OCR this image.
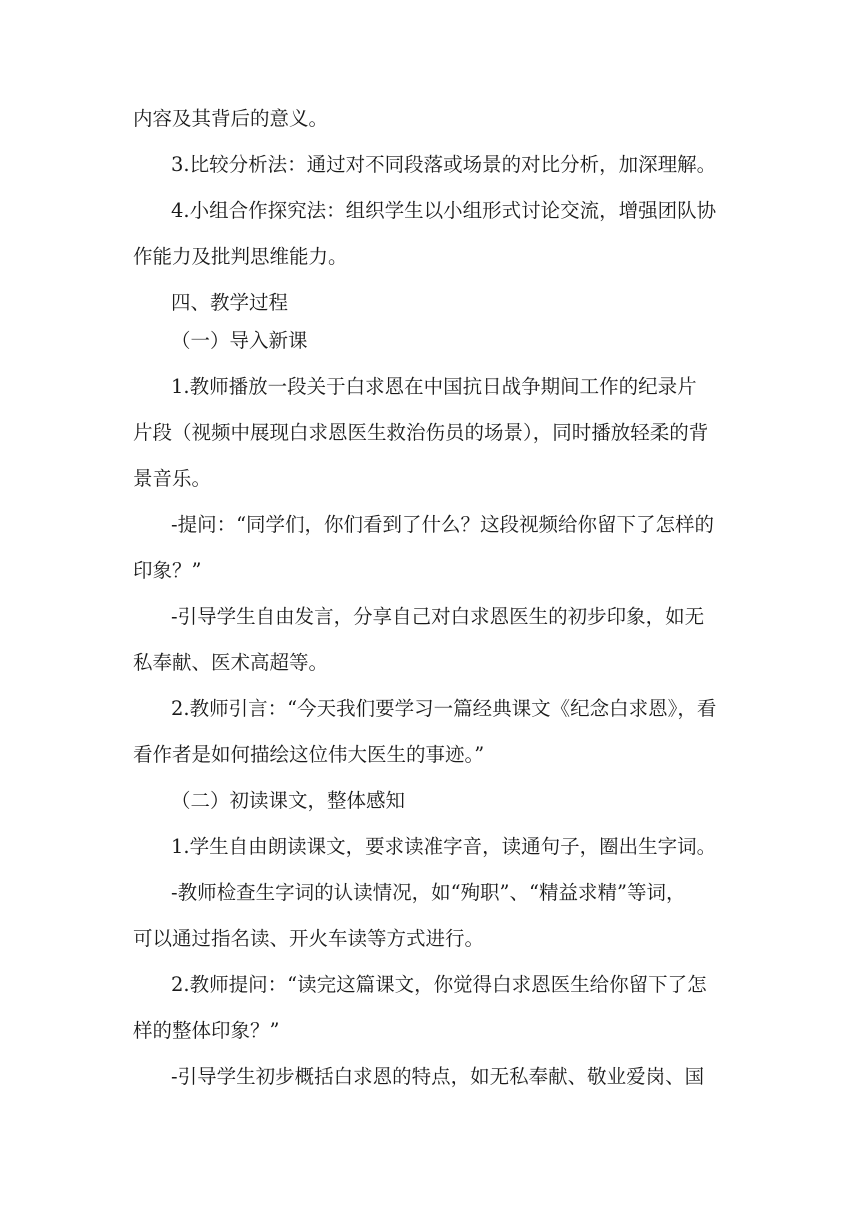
内容及其背后的意义。
3.比较分析法：通过对不同段落或场景的对比分析，加深理解。
4.小组合作探究法：组织学生以小组形式讨论交流，增强团队协
作能力及批判思维能力。
四、教学过程
（一）导入新课
1.教师播放一段关于白求恩在中国抗日战争期间工作的纪录片
片段（视频中展现白求恩医生救治伤员的场景），同时播放轻柔的背
景音乐。
-提问：“同学们，你们看到了什么？这段视频给你留下了怎样的
印象？”
-引导学生自由发言，分享自己对白求恩医生的初步印象，如无
私奉献、医术高超等。
2.教师引言：“今天我们要学习一篇经典课文《纪念白求恩》，看
看作者是如何描绘这位伟大医生的事迹。”
（二）初读课文，整体感知
1.学生自由朗读课文，要求读准字音，读通句子，圈出生字词。
-教师检查生字词的认读情况，如“殉职”、“精益求精”等词，
可以通过指名读、开火车读等方式进行。
2.教师提问：“读完这篇课文，你觉得白求恩医生给你留下了怎
样的整体印象？”
-引导学生初步概括白求恩的特点，如无私奉献、敬业爱岗、国
